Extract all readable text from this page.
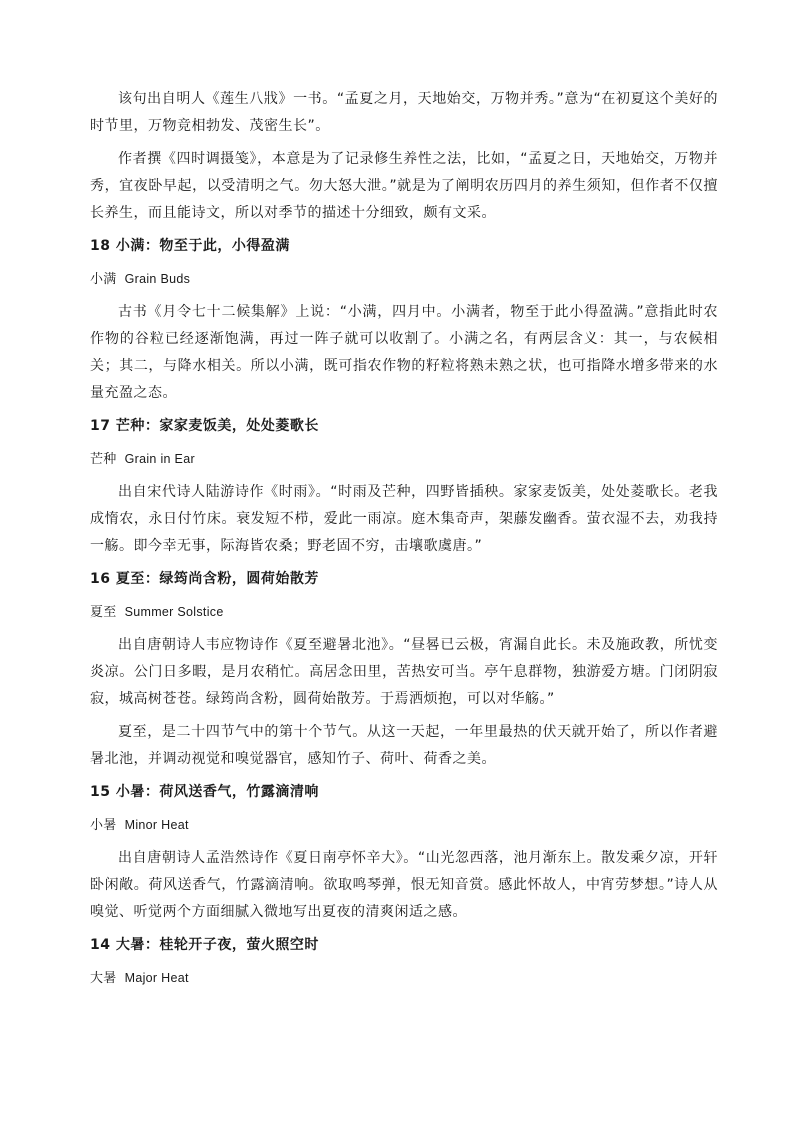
该句出自明人《莲生八戕》一书。“孟夏之月，天地始交，万物并秀。”意为“在初夏这个美好的时节里，万物竞相勃发、茂密生长”。

作者撰《四时调摄笺》，本意是为了记录修生养性之法，比如，“孟夏之日，天地始交，万物并秀，宜夜卧早起，以受清明之气。勿大怒大泄。”就是为了阐明农历四月的养生须知，但作者不仅擅长养生，而且能诗文，所以对季节的描述十分细致，颇有文采。

18 小满：物至于此，小得盈满
小满 Grain Buds

古书《月令七十二候集解》上说：“小满，四月中。小满者，物至于此小得盈满。”意指此时农作物的谷粒已经逐渐饱满，再过一阵子就可以收割了。小满之名，有两层含义：其一，与农候相关；其二，与降水相关。所以小满，既可指农作物的籽粒将熟未熟之状，也可指降水增多带来的水量充盈之态。

17 芒种：家家麦饭美，处处菱歌长
芒种 Grain in Ear

出自宋代诗人陆游诗作《时雨》。“时雨及芒种，四野皆插秧。家家麦饭美，处处菱歌长。老我成惰农，永日付竹床。衰发短不栉，爱此一雨凉。庭木集奇声，架藤发幽香。萤衣湿不去，劝我持一觞。即今幸无事，际海皆农桑；野老固不穷，击壤歌虞唐。”

16 夏至：绿筠尚含粉，圆荷始散芳
夏至 Summer Solstice

出自唐朝诗人韦应物诗作《夏至避暑北池》。“昼晷已云极，宵漏自此长。未及施政教，所忧变炎凉。公门日多暇，是月农稍忙。高居念田里，苦热安可当。亭午息群物，独游爱方塘。门闭阴寂寂，城高树苍苍。绿筠尚含粉，圆荷始散芳。于焉洒烦抱，可以对华觞。”

夏至，是二十四节气中的第十个节气。从这一天起，一年里最热的伏天就开始了，所以作者避暑北池，并调动视觉和嗅觉器官，感知竹子、荷叶、荷香之美。

15 小暑：荷风送香气，竹露滴清响
小暑 Minor Heat

出自唐朝诗人孟浩然诗作《夏日南亭怀辛大》。“山光忽西落，池月渐东上。散发乘夕凉，开轩卧闲敞。荷风送香气，竹露滴清响。欲取鸣琴弹，恨无知音赏。感此怀故人，中宵劳梦想。”诗人从嗅觉、听觉两个方面细腻入微地写出夏夜的清爽闲适之感。

14 大暑：桂轮开子夜，萤火照空时
大暑 Major Heat
